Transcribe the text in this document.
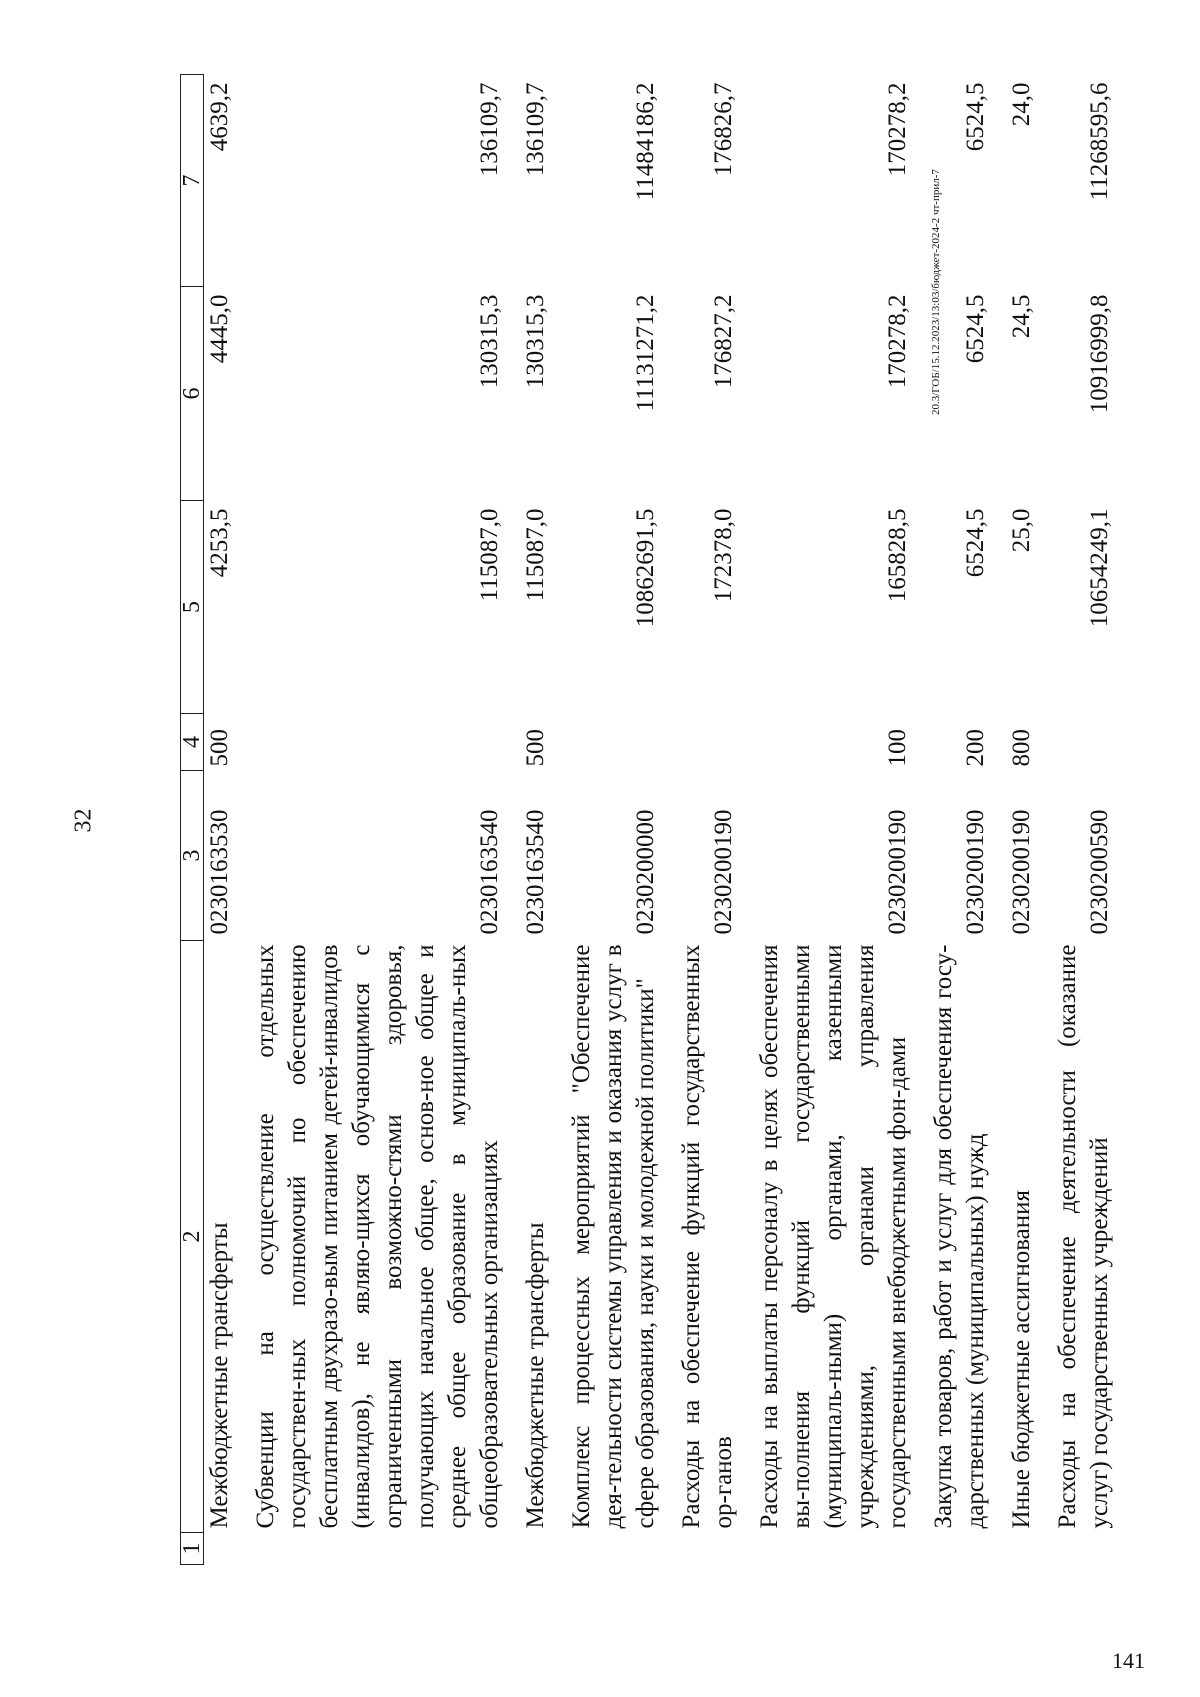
32
20.3/ГОБ/15.12.2023/13:03/бюджет-2024-2 чт-прил-7
141
1	2	3	4	5	6	7
	Межбюджетные трансферты	0230163530	500	4253,5	4445,0	4639,2
	Субвенции на осуществление отдельных государствен-ных полномочий по обеспечению бесплатным двухразо-вым питанием детей-инвалидов (инвалидов), не являю-щихся обучающимися с ограниченными возможно-стями здоровья, получающих начальное общее, основ-ное общее и среднее общее образование в муниципаль-ных общеобразовательных организациях	0230163540		115087,0	130315,3	136109,7
	Межбюджетные трансферты	0230163540	500	115087,0	130315,3	136109,7
	Комплекс процессных мероприятий "Обеспечение дея-тельности системы управления и оказания услуг в сфере образования, науки и молодежной политики"	0230200000		10862691,5	11131271,2	11484186,2
	Расходы на обеспечение функций государственных ор-ганов	0230200190		172378,0	176827,2	176826,7
	Расходы на выплаты персоналу в целях обеспечения вы-полнения функций государственными (муниципаль-ными) органами, казенными учреждениями, органами управления государственными внебюджетными фон-дами	0230200190	100	165828,5	170278,2	170278,2
	Закупка товаров, работ и услуг для обеспечения госу-дарственных (муниципальных) нужд	0230200190	200	6524,5	6524,5	6524,5
	Иные бюджетные ассигнования	0230200190	800	25,0	24,5	24,0
	Расходы на обеспечение деятельности (оказание услуг) государственных учреждений	0230200590		10654249,1	10916999,8	11268595,6
